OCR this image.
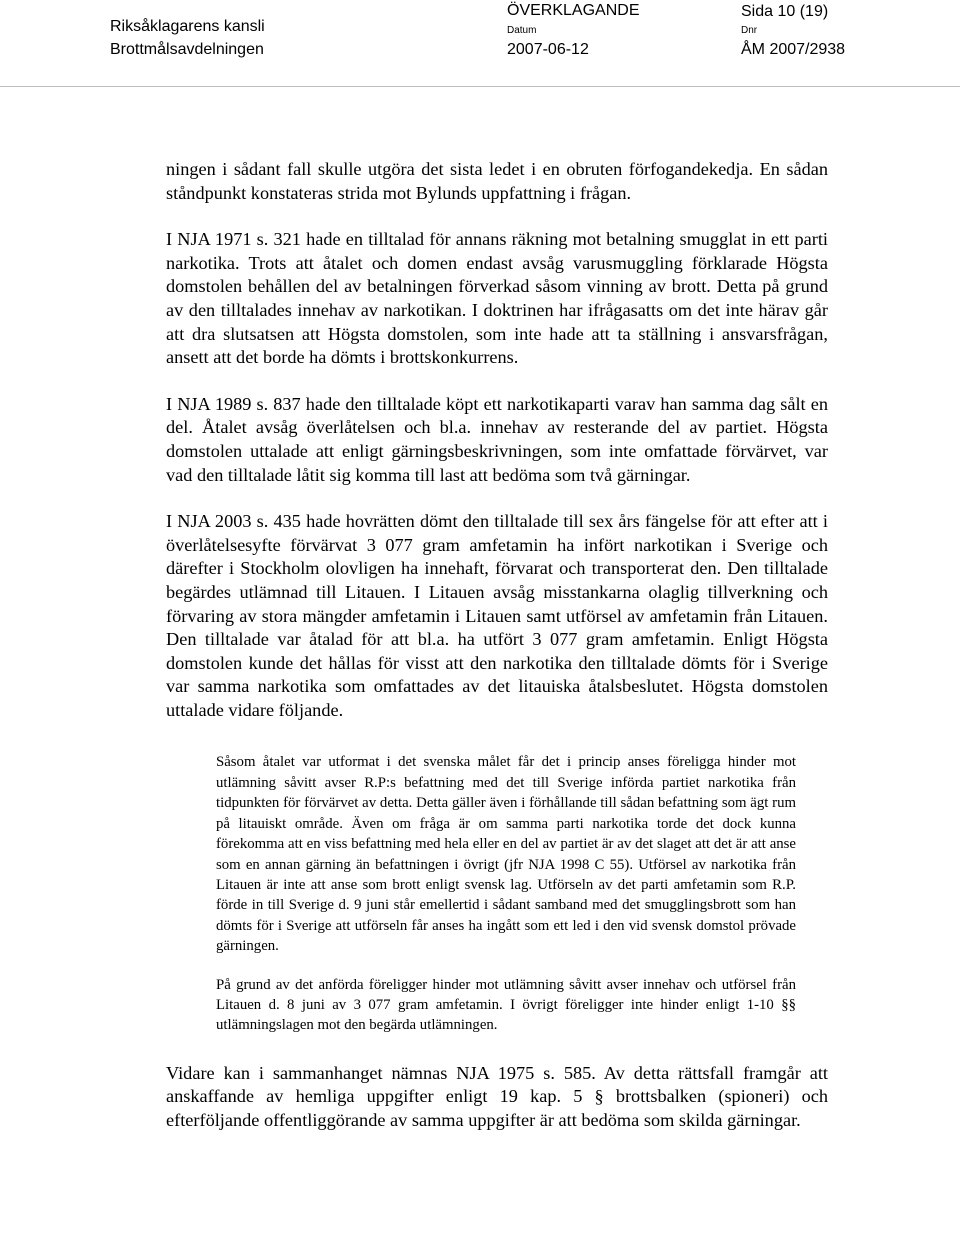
Riksåklagarens kansli
Brottmålsavdelningen
ÖVERKLAGANDE	Sida 10 (19)
Datum	Dnr
2007-06-12	ÅM 2007/2938

ningen i sådant fall skulle utgöra det sista ledet i en obruten förfogandekedja. En sådan ståndpunkt konstateras strida mot Bylunds uppfattning i frågan.

I NJA 1971 s. 321 hade en tilltalad för annans räkning mot betalning smugglat in ett parti narkotika. Trots att åtalet och domen endast avsåg varusmuggling förklarade Högsta domstolen behållen del av betalningen förverkad såsom vinning av brott. Detta på grund av den tilltalades innehav av narkotikan. I doktrinen har ifrågasatts om det inte härav går att dra slutsatsen att Högsta domstolen, som inte hade att ta ställning i ansvarsfrågan, ansett att det borde ha dömts i brottskonkurrens.

I NJA 1989 s. 837 hade den tilltalade köpt ett narkotikaparti varav han samma dag sålt en del. Åtalet avsåg överlåtelsen och bl.a. innehav av resterande del av partiet. Högsta domstolen uttalade att enligt gärningsbeskrivningen, som inte omfattade förvärvet, var vad den tilltalade låtit sig komma till last att bedöma som två gärningar.

I NJA 2003 s. 435 hade hovrätten dömt den tilltalade till sex års fängelse för att efter att i överlåtelsesyfte förvärvat 3 077 gram amfetamin ha infört narkotikan i Sverige och därefter i Stockholm olovligen ha innehaft, förvarat och transporterat den. Den tilltalade begärdes utlämnad till Litauen. I Litauen avsåg misstankarna olaglig tillverkning och förvaring av stora mängder amfetamin i Litauen samt utförsel av amfetamin från Litauen. Den tilltalade var åtalad för att bl.a. ha utfört 3 077 gram amfetamin. Enligt Högsta domstolen kunde det hållas för visst att den narkotika den tilltalade dömts för i Sverige var samma narkotika som omfattades av det litauiska åtalsbeslutet. Högsta domstolen uttalade vidare följande.

Såsom åtalet var utformat i det svenska målet får det i princip anses föreligga hinder mot utlämning såvitt avser R.P:s befattning med det till Sverige införda partiet narkotika från tidpunkten för förvärvet av detta. Detta gäller även i förhållande till sådan befattning som ägt rum på litauiskt område. Även om fråga är om samma parti narkotika torde det dock kunna förekomma att en viss befattning med hela eller en del av partiet är av det slaget att det är att anse som en annan gärning än befattningen i övrigt (jfr NJA 1998 C 55). Utförsel av narkotika från Litauen är inte att anse som brott enligt svensk lag. Utförseln av det parti amfetamin som R.P. förde in till Sverige d. 9 juni står emellertid i sådant samband med det smugglingsbrott som han dömts för i Sverige att utförseln får anses ha ingått som ett led i den vid svensk domstol prövade gärningen.

På grund av det anförda föreligger hinder mot utlämning såvitt avser innehav och utförsel från Litauen d. 8 juni av 3 077 gram amfetamin. I övrigt föreligger inte hinder enligt 1-10 §§ utlämningslagen mot den begärda utlämningen.

Vidare kan i sammanhanget nämnas NJA 1975 s. 585. Av detta rättsfall framgår att anskaffande av hemliga uppgifter enligt 19 kap. 5 § brottsbalken (spioneri) och efterföljande offentliggörande av samma uppgifter är att bedöma som skilda gärningar.
